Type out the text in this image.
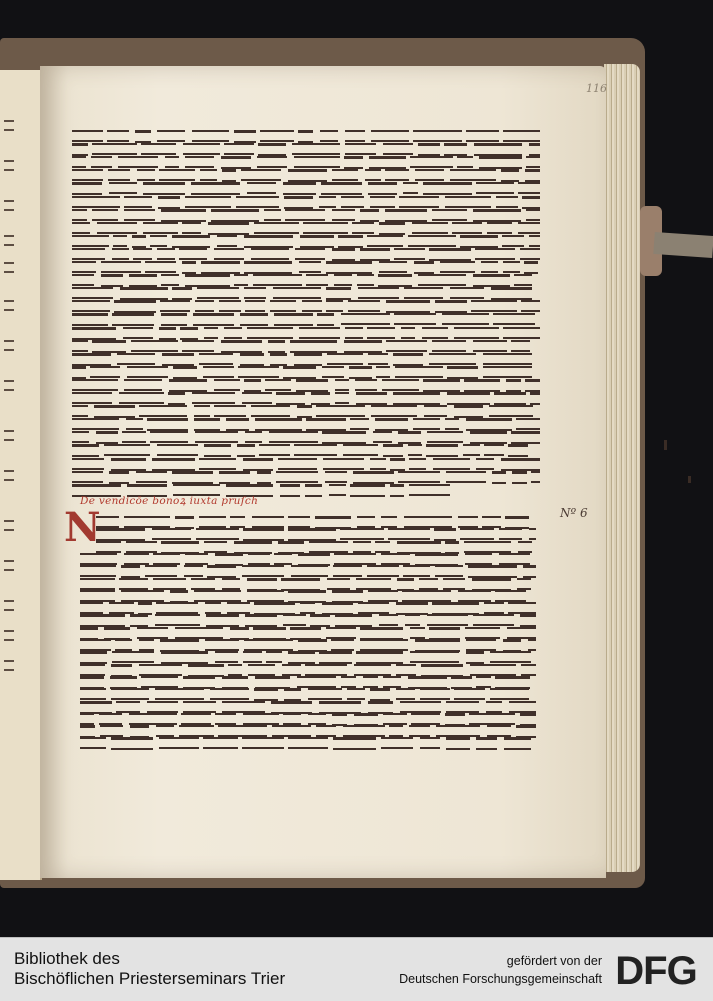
116
De vendicōe bonoꝝ iuxta pruſch
N	Nº 6
Bibliothek des
Bischöflichen Priesterseminars Trier
gefördert von der
Deutschen Forschungsgemeinschaft DFG
